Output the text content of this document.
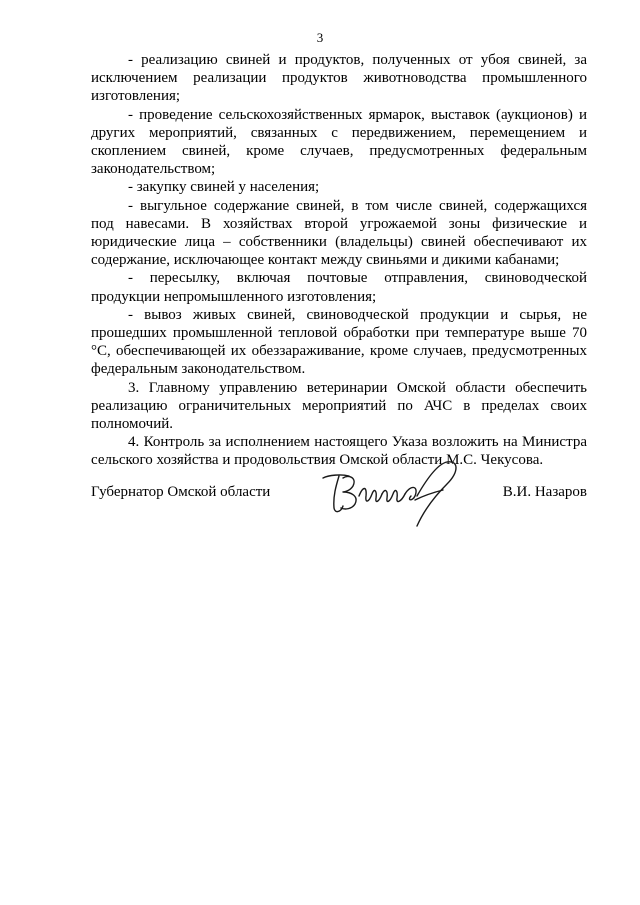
3

- реализацию свиней и продуктов, полученных от убоя свиней, за исключением реализации продуктов животноводства промышленного изготовления;

- проведение сельскохозяйственных ярмарок, выставок (аукционов) и других мероприятий, связанных с передвижением, перемещением и скоплением свиней, кроме случаев, предусмотренных федеральным законодательством;

- закупку свиней у населения;

- выгульное содержание свиней, в том числе свиней, содержащихся под навесами. В хозяйствах второй угрожаемой зоны физические и юридические лица – собственники (владельцы) свиней обеспечивают их содержание, исключающее контакт между свиньями и дикими кабанами;

- пересылку, включая почтовые отправления, свиноводческой продукции непромышленного изготовления;

- вывоз живых свиней, свиноводческой продукции и сырья, не прошедших промышленной тепловой обработки при температуре выше 70 °С, обеспечивающей их обеззараживание, кроме случаев, предусмотренных федеральным законодательством.

3. Главному управлению ветеринарии Омской области обеспечить реализацию ограничительных мероприятий по АЧС в пределах своих полномочий.

4. Контроль за исполнением настоящего Указа возложить на Министра сельского хозяйства и продовольствия Омской области М.С. Чекусова.

Губернатор Омской области	В.И. Назаров
